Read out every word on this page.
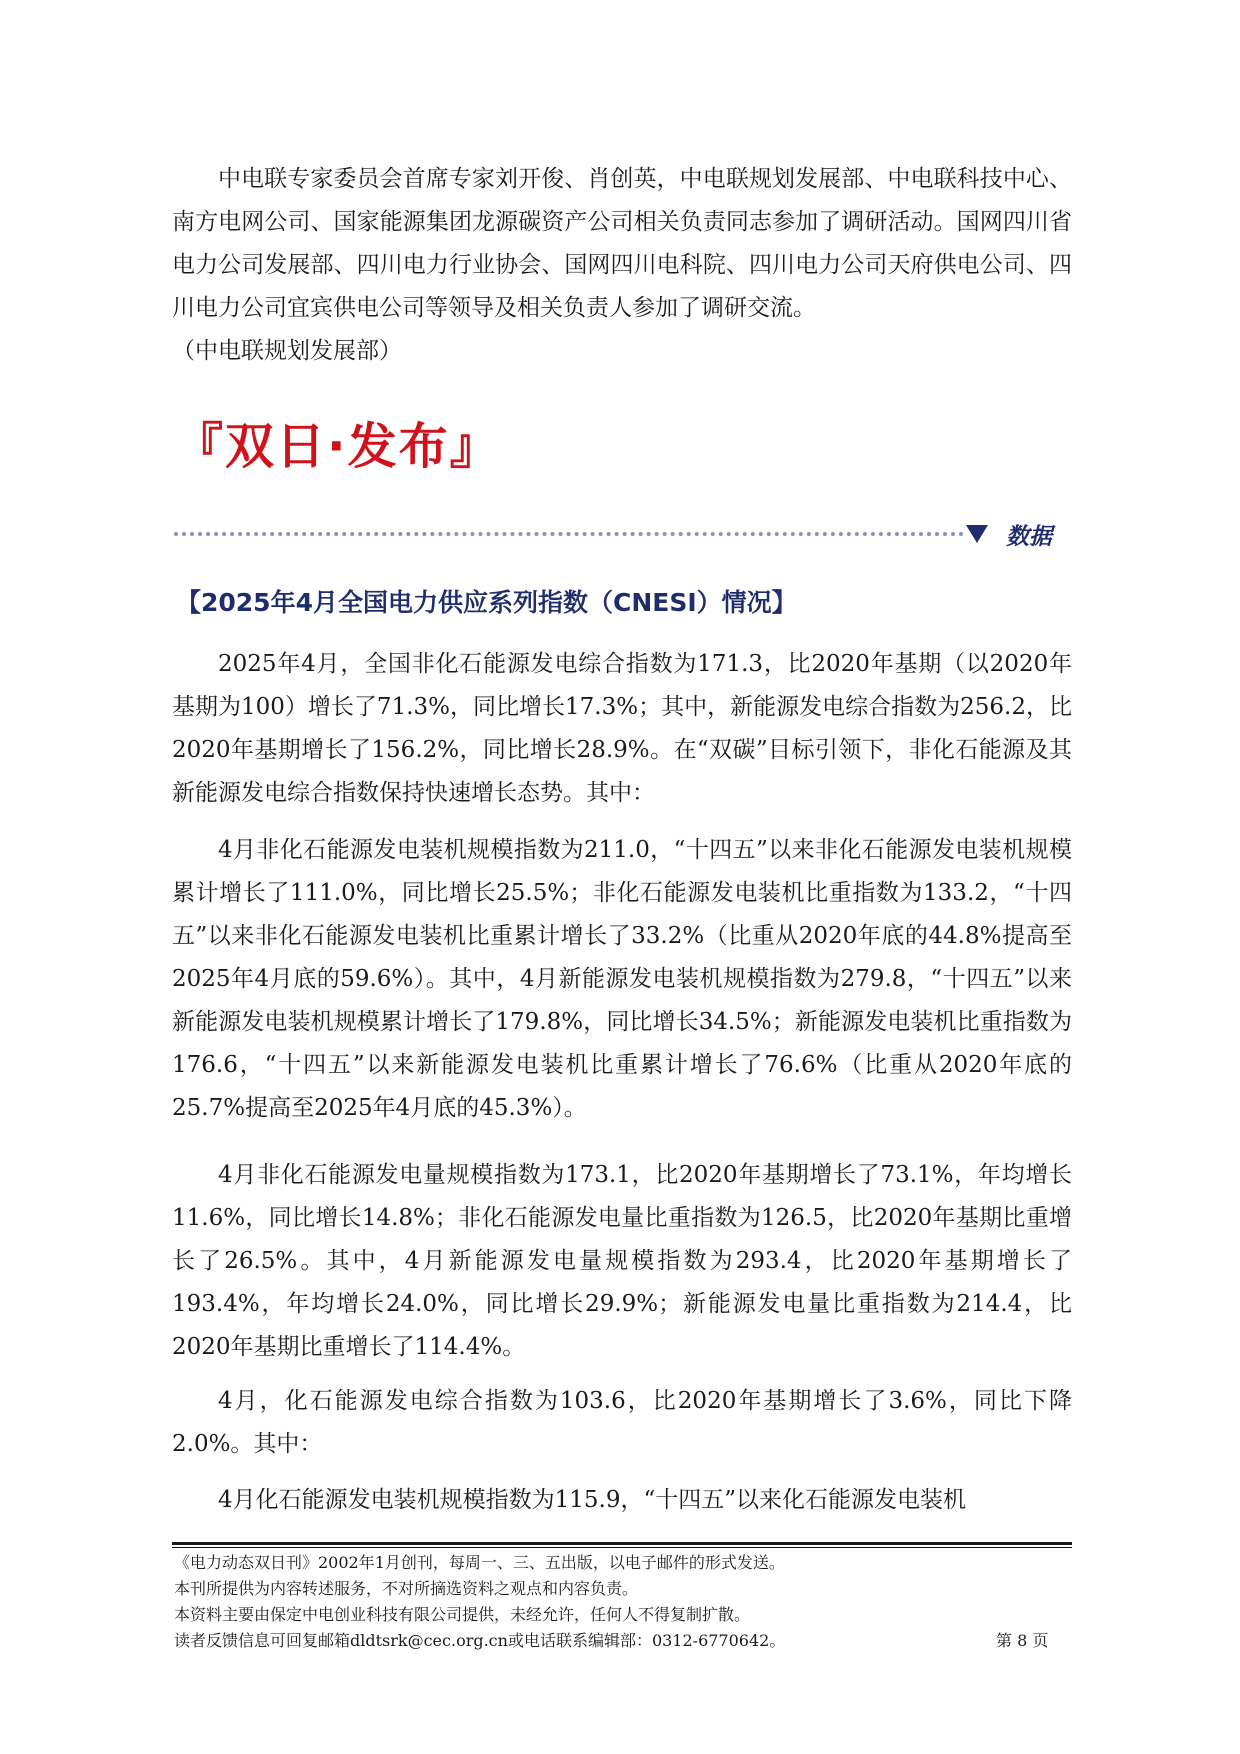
中电联专家委员会首席专家刘开俊、肖创英，中电联规划发展部、中电联科技中心、南方电网公司、国家能源集团龙源碳资产公司相关负责同志参加了调研活动。国网四川省电力公司发展部、四川电力行业协会、国网四川电科院、四川电力公司天府供电公司、四川电力公司宜宾供电公司等领导及相关负责人参加了调研交流。

（中电联规划发展部）

『双日·发布』
数据
【2025年4月全国电力供应系列指数（CNESI）情况】

2025年4月，全国非化石能源发电综合指数为171.3，比2020年基期（以2020年基期为100）增长了71.3%，同比增长17.3%；其中，新能源发电综合指数为256.2，比2020年基期增长了156.2%，同比增长28.9%。在“双碳”目标引领下，非化石能源及其新能源发电综合指数保持快速增长态势。其中：

4月非化石能源发电装机规模指数为211.0，“十四五”以来非化石能源发电装机规模累计增长了111.0%，同比增长25.5%；非化石能源发电装机比重指数为133.2，“十四五”以来非化石能源发电装机比重累计增长了33.2%（比重从2020年底的44.8%提高至2025年4月底的59.6%）。其中，4月新能源发电装机规模指数为279.8，“十四五”以来新能源发电装机规模累计增长了179.8%，同比增长34.5%；新能源发电装机比重指数为176.6，“十四五”以来新能源发电装机比重累计增长了76.6%（比重从2020年底的25.7%提高至2025年4月底的45.3%）。

4月非化石能源发电量规模指数为173.1，比2020年基期增长了73.1%，年均增长11.6%，同比增长14.8%；非化石能源发电量比重指数为126.5，比2020年基期比重增长了26.5%。其中，4月新能源发电量规模指数为293.4，比2020年基期增长了193.4%，年均增长24.0%，同比增长29.9%；新能源发电量比重指数为214.4，比2020年基期比重增长了114.4%。

4月，化石能源发电综合指数为103.6，比2020年基期增长了3.6%，同比下降2.0%。其中：

4月化石能源发电装机规模指数为115.9，“十四五”以来化石能源发电装机

《电力动态双日刊》2002年1月创刊，每周一、三、五出版，以电子邮件的形式发送。
本刊所提供为内容转述服务，不对所摘选资料之观点和内容负责。
本资料主要由保定中电创业科技有限公司提供，未经允许，任何人不得复制扩散。
读者反馈信息可回复邮箱dldtsrk@cec.org.cn或电话联系编辑部：0312-6770642。	第 8 页
